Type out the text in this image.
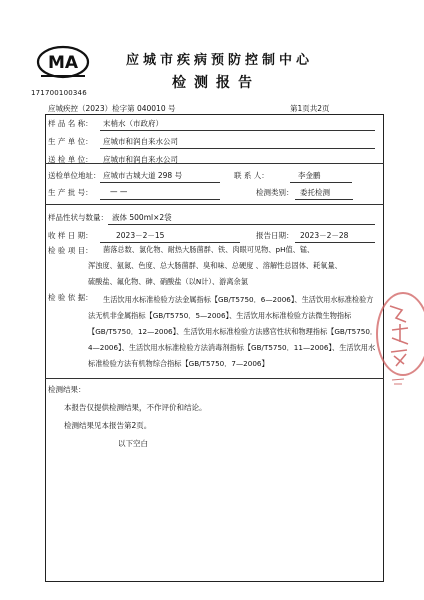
MA
171700100346
应城市疾病预防控制中心
检测报告
应城疾控（2023）检字第 040010 号	第1页共2页
样 品 名 称： 末梢水（市政府）
生 产 单 位： 应城市和润自来水公司
送 检 单 位： 应城市和润自来水公司
送检单位地址： 应城市古城大道 298 号	联 系 人：	李金鹏
生 产 批 号： — —	检测类别： 委托检测
样品性状与数量： 液体 500ml×2袋
收 样 日 期：	2023－2－15	报告日期： 2023－2－28
检 验 项 目： 菌落总数、氯化物、耐热大肠菌群、铁、肉眼可见物、pH值、锰、
浑浊度、氨氮、色度、总大肠菌群、臭和味、总硬度 、溶解性总固体、耗氧量、
硫酸盐、氟化物、砷、硝酸盐（以N计）、游离余氯
检 验 依 据：	生活饮用水标准检验方法金属指标【GB/T5750．6—2006】、生活饮用水标准检验方法无机非金属指标【GB/T5750．5—2006】、生活饮用水标准检验方法微生物指标【GB/T5750．12—2006】、生活饮用水标准检验方法感官性状和物理指标【GB/T5750．4—2006】、生活饮用水标准检验方法消毒剂指标【GB/T5750．11—2006】、生活饮用水标准检验方法有机物综合指标【GB/T5750．7—2006】
检测结果：
本报告仅提供检测结果，不作评价和结论。
检测结果见本报告第2页。
以下空白
